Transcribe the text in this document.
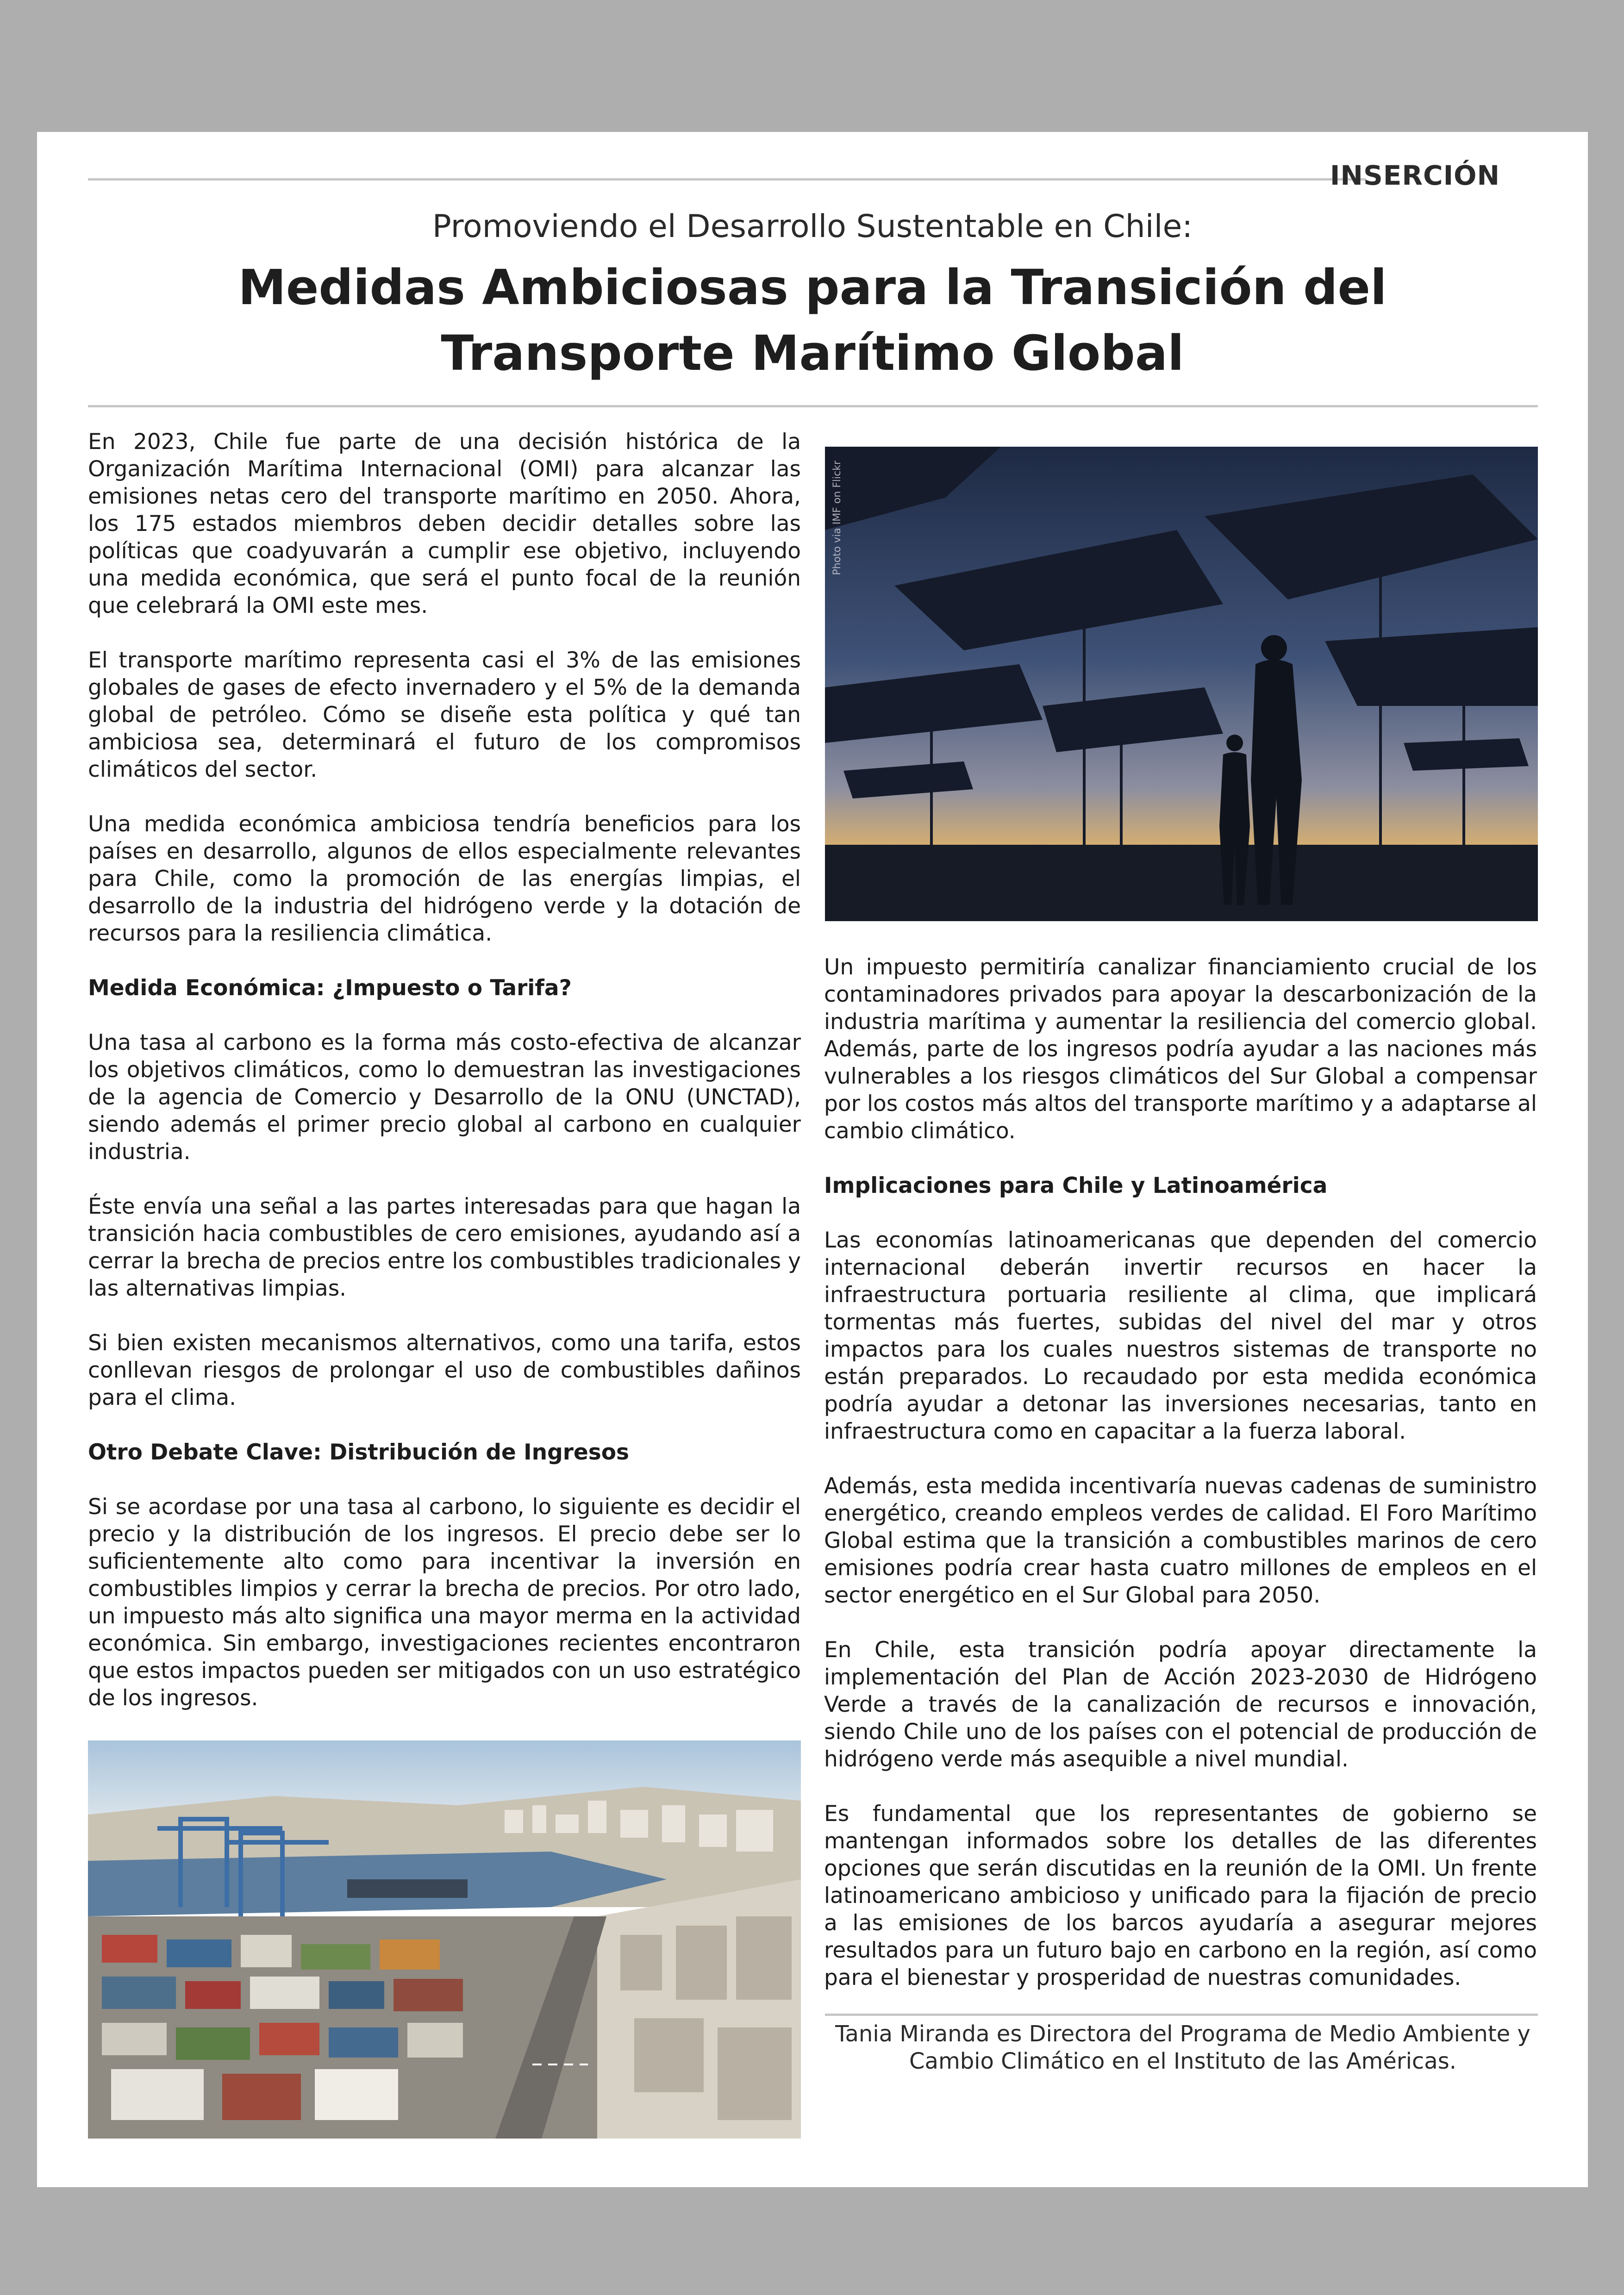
INSERCIÓN
Promoviendo el Desarrollo Sustentable en Chile:
Medidas Ambiciosas para la Transición del
Transporte Marítimo Global

En 2023, Chile fue parte de una decisión histórica de la Organización Marítima Internacional (OMI) para alcanzar las emisiones netas cero del transporte marítimo en 2050. Ahora, los 175 estados miembros deben decidir detalles sobre las políticas que coadyuvarán a cumplir ese objetivo, incluyendo una medida económica, que será el punto focal de la reunión que celebrará la OMI este mes.

El transporte marítimo representa casi el 3% de las emisiones globales de gases de efecto invernadero y el 5% de la demanda global de petróleo. Cómo se diseñe esta política y qué tan ambiciosa sea, determinará el futuro de los compromisos climáticos del sector.

Una medida económica ambiciosa tendría beneficios para los países en desarrollo, algunos de ellos especialmente relevantes para Chile, como la promoción de las energías limpias, el desarrollo de la industria del hidrógeno verde y la dotación de recursos para la resiliencia climática.

Medida Económica: ¿Impuesto o Tarifa?

Una tasa al carbono es la forma más costo-efectiva de alcanzar los objetivos climáticos, como lo demuestran las investigaciones de la agencia de Comercio y Desarrollo de la ONU (UNCTAD), siendo además el primer precio global al carbono en cualquier industria.

Éste envía una señal a las partes interesadas para que hagan la transición hacia combustibles de cero emisiones, ayudando así a cerrar la brecha de precios entre los combustibles tradicionales y las alternativas limpias.

Si bien existen mecanismos alternativos, como una tarifa, estos conllevan riesgos de prolongar el uso de combustibles dañinos para el clima.

Otro Debate Clave: Distribución de Ingresos

Si se acordase por una tasa al carbono, lo siguiente es decidir el precio y la distribución de los ingresos. El precio debe ser lo suficientemente alto como para incentivar la inversión en combustibles limpios y cerrar la brecha de precios. Por otro lado, un impuesto más alto significa una mayor merma en la actividad económica. Sin embargo, investigaciones recientes encontraron que estos impactos pueden ser mitigados con un uso estratégico de los ingresos.

Photo via IMF on Flickr

Un impuesto permitiría canalizar financiamiento crucial de los contaminadores privados para apoyar la descarbonización de la industria marítima y aumentar la resiliencia del comercio global. Además, parte de los ingresos podría ayudar a las naciones más vulnerables a los riesgos climáticos del Sur Global a compensar por los costos más altos del transporte marítimo y a adaptarse al cambio climático.

Implicaciones para Chile y Latinoamérica

Las economías latinoamericanas que dependen del comercio internacional deberán invertir recursos en hacer la infraestructura portuaria resiliente al clima, que implicará tormentas más fuertes, subidas del nivel del mar y otros impactos para los cuales nuestros sistemas de transporte no están preparados. Lo recaudado por esta medida económica podría ayudar a detonar las inversiones necesarias, tanto en infraestructura como en capacitar a la fuerza laboral.

Además, esta medida incentivaría nuevas cadenas de suministro energético, creando empleos verdes de calidad. El Foro Marítimo Global estima que la transición a combustibles marinos de cero emisiones podría crear hasta cuatro millones de empleos en el sector energético en el Sur Global para 2050.

En Chile, esta transición podría apoyar directamente la implementación del Plan de Acción 2023-2030 de Hidrógeno Verde a través de la canalización de recursos e innovación, siendo Chile uno de los países con el potencial de producción de hidrógeno verde más asequible a nivel mundial.

Es fundamental que los representantes de gobierno se mantengan informados sobre los detalles de las diferentes opciones que serán discutidas en la reunión de la OMI. Un frente latinoamericano ambicioso y unificado para la fijación de precio a las emisiones de los barcos ayudaría a asegurar mejores resultados para un futuro bajo en carbono en la región, así como para el bienestar y prosperidad de nuestras comunidades.

Tania Miranda es Directora del Programa de Medio Ambiente y Cambio Climático en el Instituto de las Américas.
